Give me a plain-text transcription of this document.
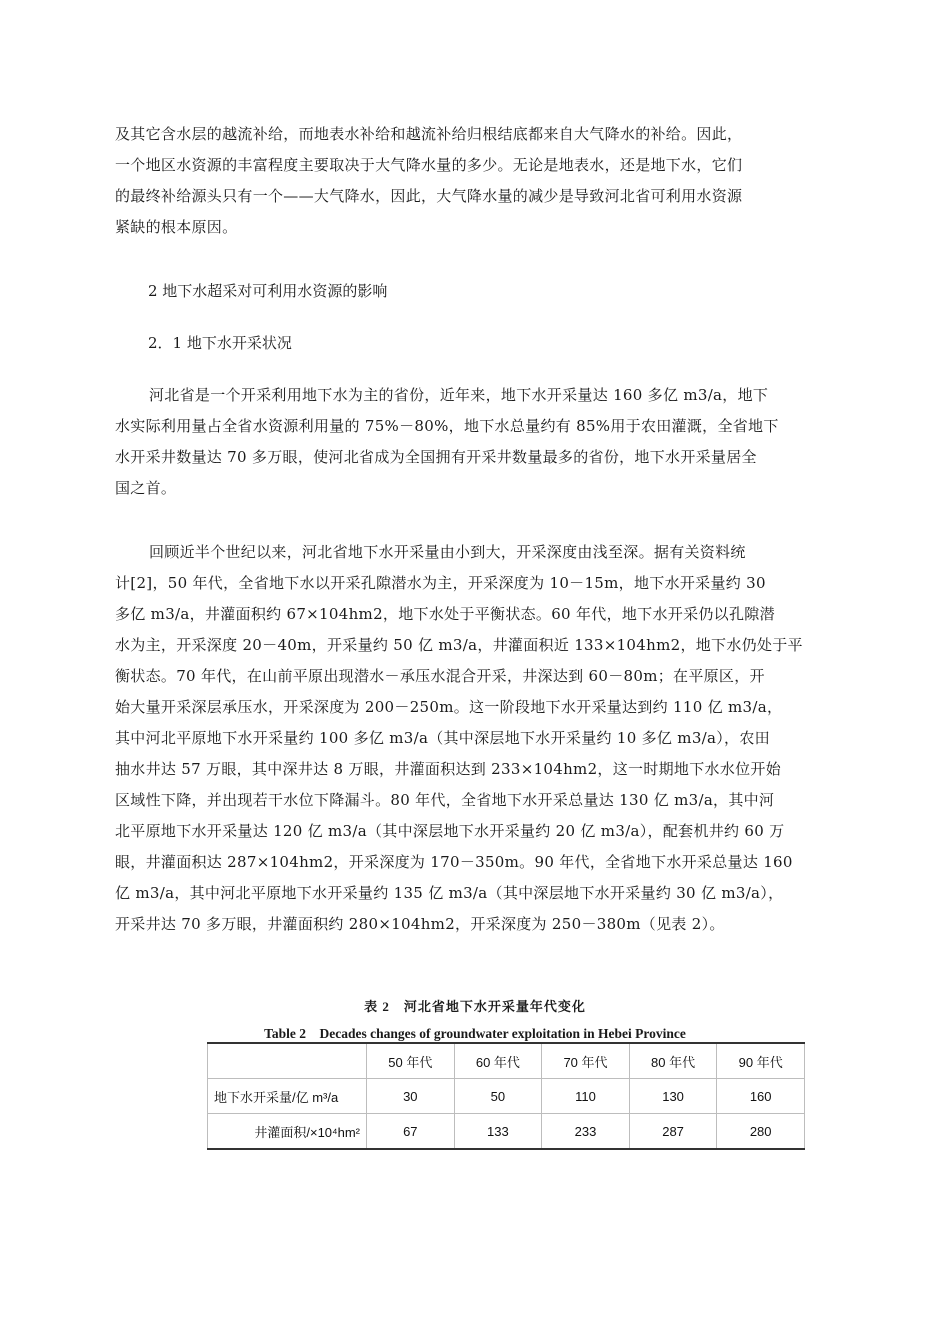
及其它含水层的越流补给，而地表水补给和越流补给归根结底都来自大气降水的补给。因此，
一个地区水资源的丰富程度主要取决于大气降水量的多少。无论是地表水，还是地下水，它们
的最终补给源头只有一个——大气降水，因此，大气降水量的减少是导致河北省可利用水资源
紧缺的根本原因。

2 地下水超采对可利用水资源的影响

2．1 地下水开采状况

河北省是一个开采利用地下水为主的省份，近年来，地下水开采量达 160 多亿 m3/a，地下
水实际利用量占全省水资源利用量的 75%－80%，地下水总量约有 85%用于农田灌溉，全省地下
水开采井数量达 70 多万眼，使河北省成为全国拥有开采井数量最多的省份，地下水开采量居全
国之首。

回顾近半个世纪以来，河北省地下水开采量由小到大，开采深度由浅至深。据有关资料统
计[2]，50 年代，全省地下水以开采孔隙潜水为主，开采深度为 10－15m，地下水开采量约 30
多亿 m3/a，井灌面积约 67×104hm2，地下水处于平衡状态。60 年代，地下水开采仍以孔隙潜
水为主，开采深度 20－40m，开采量约 50 亿 m3/a，井灌面积近 133×104hm2，地下水仍处于平
衡状态。70 年代，在山前平原出现潜水－承压水混合开采，井深达到 60－80m；在平原区，开
始大量开采深层承压水，开采深度为 200－250m。这一阶段地下水开采量达到约 110 亿 m3/a，
其中河北平原地下水开采量约 100 多亿 m3/a（其中深层地下水开采量约 10 多亿 m3/a），农田
抽水井达 57 万眼，其中深井达 8 万眼，井灌面积达到 233×104hm2，这一时期地下水水位开始
区域性下降，并出现若干水位下降漏斗。80 年代，全省地下水开采总量达 130 亿 m3/a，其中河
北平原地下水开采量达 120 亿 m3/a（其中深层地下水开采量约 20 亿 m3/a），配套机井约 60 万
眼，井灌面积达 287×104hm2，开采深度为 170－350m。90 年代，全省地下水开采总量达 160
亿 m3/a，其中河北平原地下水开采量约 135 亿 m3/a（其中深层地下水开采量约 30 亿 m3/a），
开采井达 70 多万眼，井灌面积约 280×104hm2，开采深度为 250－380m（见表 2）。

表 2　河北省地下水开采量年代变化
Table 2　Decades changes of groundwater exploitation in Hebei Province
	50 年代	60 年代	70 年代	80 年代	90 年代
地下水开采量/亿 m³/a	30	50	110	130	160
井灌面积/×10⁴hm²	67	133	233	287	280
